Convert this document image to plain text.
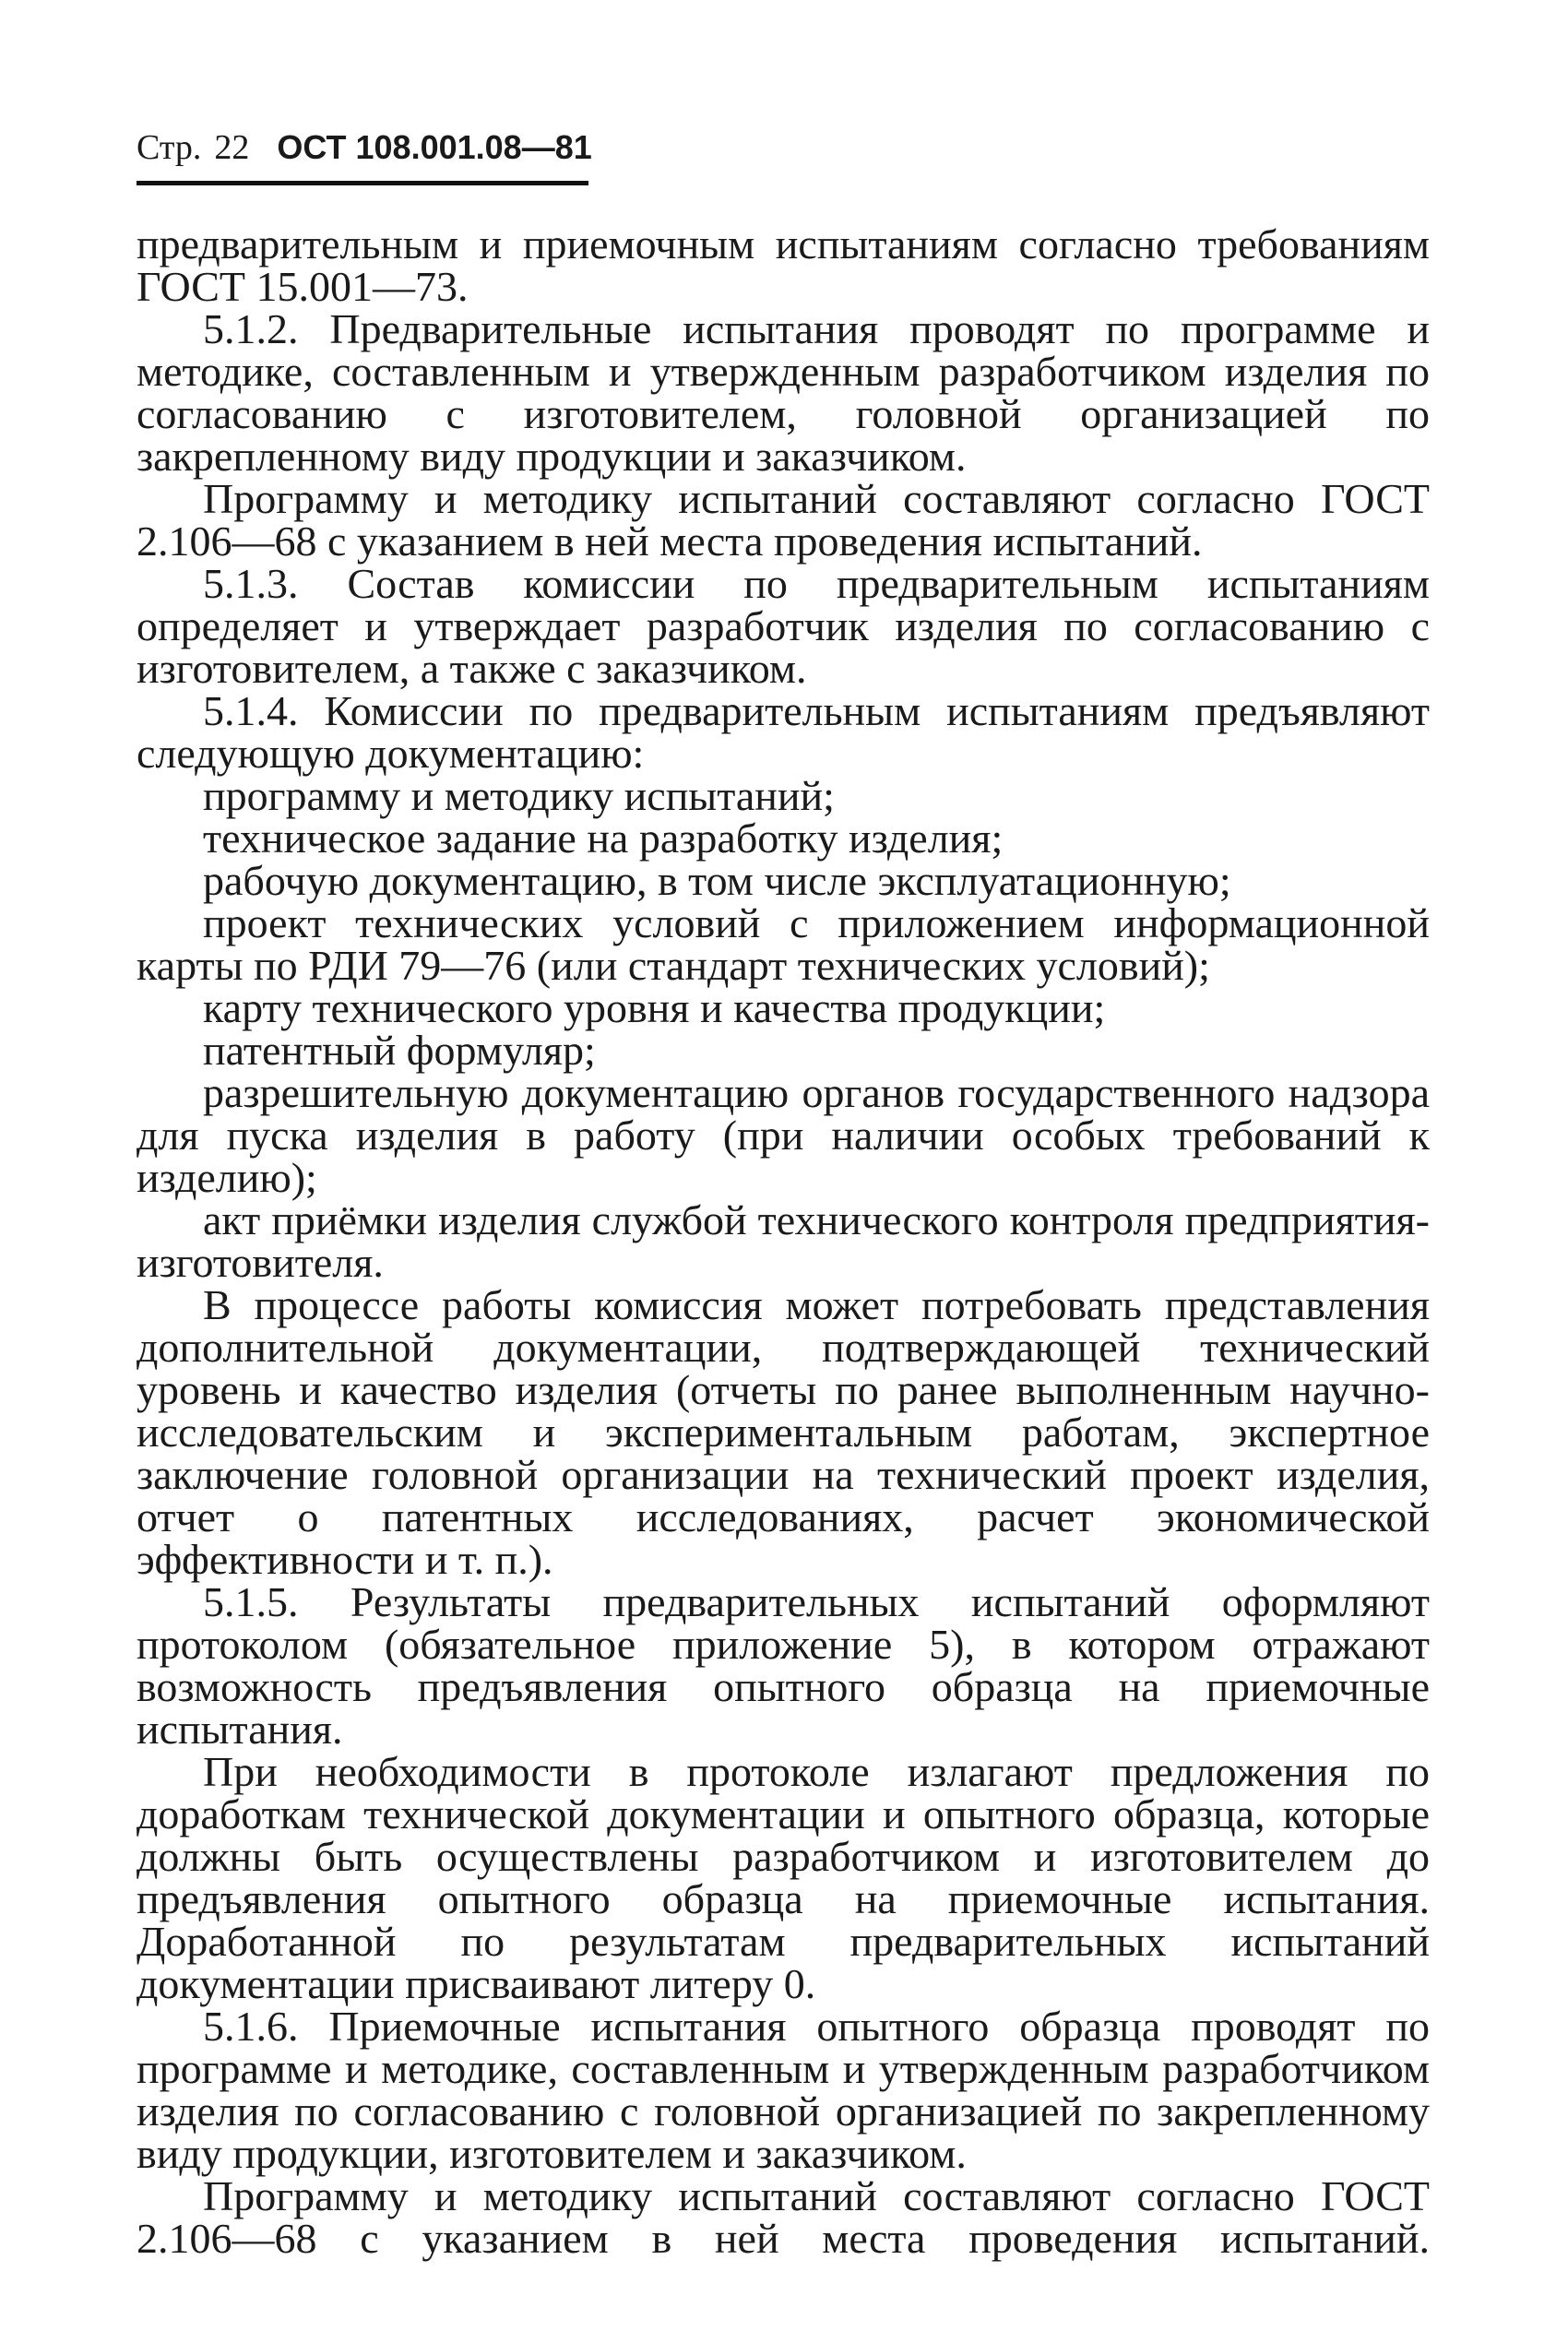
Стр. 22 ОСТ 108.001.08—81

предварительным и приемочным испытаниям согласно требованиям ГОСТ 15.001—73.

5.1.2. Предварительные испытания проводят по программе и методике, составленным и утвержденным разработчиком изделия по согласованию с изготовителем, головной организацией по закрепленному виду продукции и заказчиком.

Программу и методику испытаний составляют согласно ГОСТ 2.106—68 с указанием в ней места проведения испытаний.

5.1.3. Состав комиссии по предварительным испытаниям определяет и утверждает разработчик изделия по согласованию с изготовителем, а также с заказчиком.

5.1.4. Комиссии по предварительным испытаниям предъявляют следующую документацию:

программу и методику испытаний;

техническое задание на разработку изделия;

рабочую документацию, в том числе эксплуатационную;

проект технических условий с приложением информационной карты по РДИ 79—76 (или стандарт технических условий);

карту технического уровня и качества продукции;

патентный формуляр;

разрешительную документацию органов государственного надзора для пуска изделия в работу (при наличии особых требований к изделию);

акт приёмки изделия службой технического контроля предприятия-изготовителя.

В процессе работы комиссия может потребовать представления дополнительной документации, подтверждающей технический уровень и качество изделия (отчеты по ранее выполненным научно-исследовательским и экспериментальным работам, экспертное заключение головной организации на технический проект изделия, отчет о патентных исследованиях, расчет экономической эффективности и т. п.).

5.1.5. Результаты предварительных испытаний оформляют протоколом (обязательное приложение 5), в котором отражают возможность предъявления опытного образца на приемочные испытания.

При необходимости в протоколе излагают предложения по доработкам технической документации и опытного образца, которые должны быть осуществлены разработчиком и изготовителем до предъявления опытного образца на приемочные испытания. Доработанной по результатам предварительных испытаний документации присваивают литеру 0.

5.1.6. Приемочные испытания опытного образца проводят по программе и методике, составленным и утвержденным разработчиком изделия по согласованию с головной организацией по закрепленному виду продукции, изготовителем и заказчиком.

Программу и методику испытаний составляют согласно ГОСТ 2.106—68 с указанием в ней места проведения испытаний.
